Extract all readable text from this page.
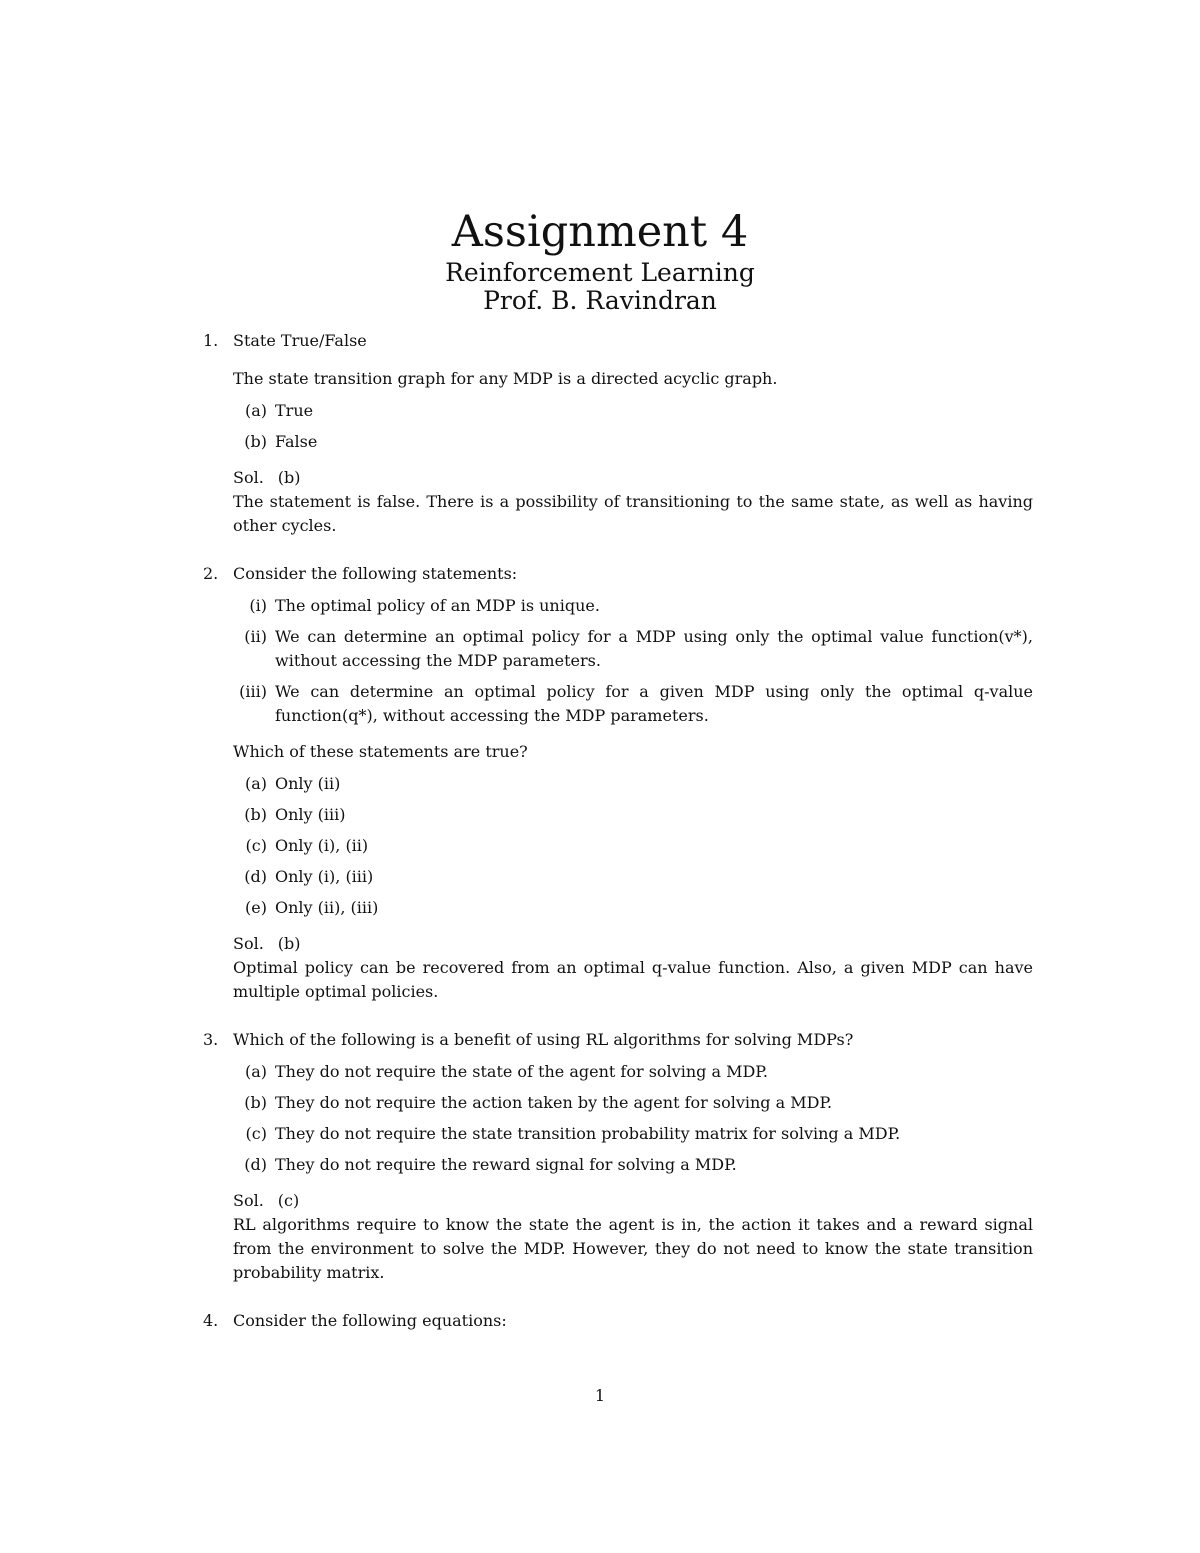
Assignment 4

Reinforcement Learning

Prof. B. Ravindran

1. State True/False

The state transition graph for any MDP is a directed acyclic graph.

(a) True
(b) False
Sol. (b)

The statement is false. There is a possibility of transitioning to the same state, as well as having other cycles.

2. Consider the following statements:

(i) The optimal policy of an MDP is unique.
(ii) We can determine an optimal policy for a MDP using only the optimal value function(v*), without accessing the MDP parameters.
(iii) We can determine an optimal policy for a given MDP using only the optimal q-value function(q*), without accessing the MDP parameters.

Which of these statements are true?

(a) Only (ii)
(b) Only (iii)
(c) Only (i), (ii)
(d) Only (i), (iii)
(e) Only (ii), (iii)
Sol. (b)

Optimal policy can be recovered from an optimal q-value function. Also, a given MDP can have multiple optimal policies.

3. Which of the following is a benefit of using RL algorithms for solving MDPs?

(a) They do not require the state of the agent for solving a MDP.
(b) They do not require the action taken by the agent for solving a MDP.
(c) They do not require the state transition probability matrix for solving a MDP.
(d) They do not require the reward signal for solving a MDP.
Sol. (c)

RL algorithms require to know the state the agent is in, the action it takes and a reward signal from the environment to solve the MDP. However, they do not need to know the state transition probability matrix.

4. Consider the following equations:

1
